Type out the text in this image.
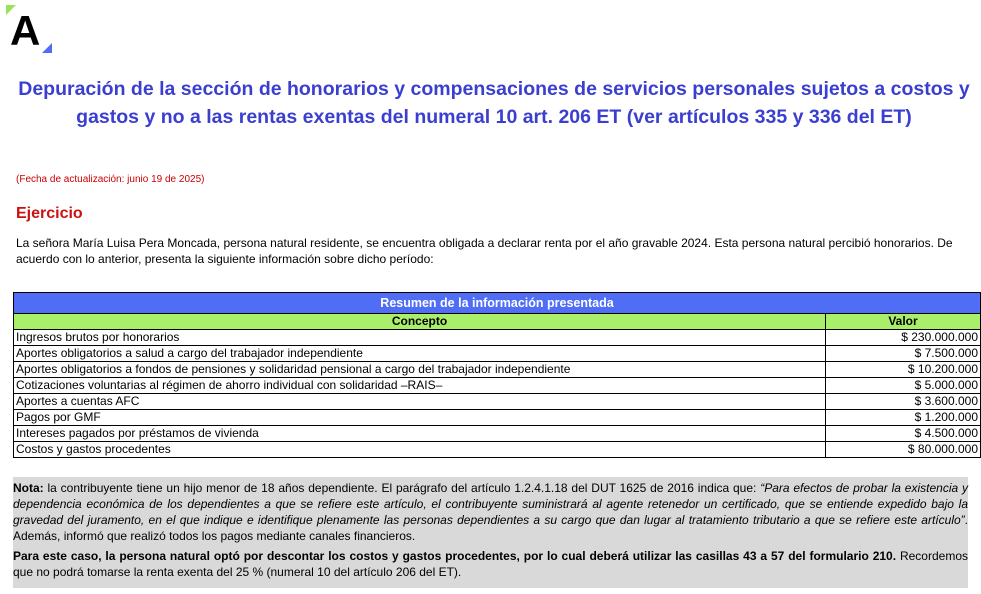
A
Depuración de la sección de honorarios y compensaciones de servicios personales sujetos a costos y gastos y no a las rentas exentas del numeral 10 art. 206 ET (ver artículos 335 y 336 del ET)
(Fecha de actualización: junio 19 de 2025)
Ejercicio
La señora María Luisa Pera Moncada, persona natural residente, se encuentra obligada a declarar renta por el año gravable 2024. Esta persona natural percibió honorarios. De acuerdo con lo anterior, presenta la siguiente información sobre dicho período:
Resumen de la información presentada	
Concepto	Valor
Ingresos brutos por honorarios	$ 230.000.000
Aportes obligatorios a salud a cargo del trabajador independiente	$ 7.500.000
Aportes obligatorios a fondos de pensiones y solidaridad pensional a cargo del trabajador independiente	$ 10.200.000
Cotizaciones voluntarias al régimen de ahorro individual con solidaridad –RAIS–	$ 5.000.000
Aportes a cuentas AFC	$ 3.600.000
Pagos por GMF	$ 1.200.000
Intereses pagados por préstamos de vivienda	$ 4.500.000
Costos y gastos procedentes	$ 80.000.000

Nota: la contribuyente tiene un hijo menor de 18 años dependiente. El parágrafo del artículo 1.2.4.1.18 del DUT 1625 de 2016 indica que: “Para efectos de probar la existencia y dependencia económica de los dependientes a que se refiere este artículo, el contribuyente suministrará al agente retenedor un certificado, que se entiende expedido bajo la gravedad del juramento, en el que indique e identifique plenamente las personas dependientes a su cargo que dan lugar al tratamiento tributario a que se refiere este artículo”. Además, informó que realizó todos los pagos mediante canales financieros.

Para este caso, la persona natural optó por descontar los costos y gastos procedentes, por lo cual deberá utilizar las casillas 43 a 57 del formulario 210. Recordemos que no podrá tomarse la renta exenta del 25 % (numeral 10 del artículo 206 del ET).
